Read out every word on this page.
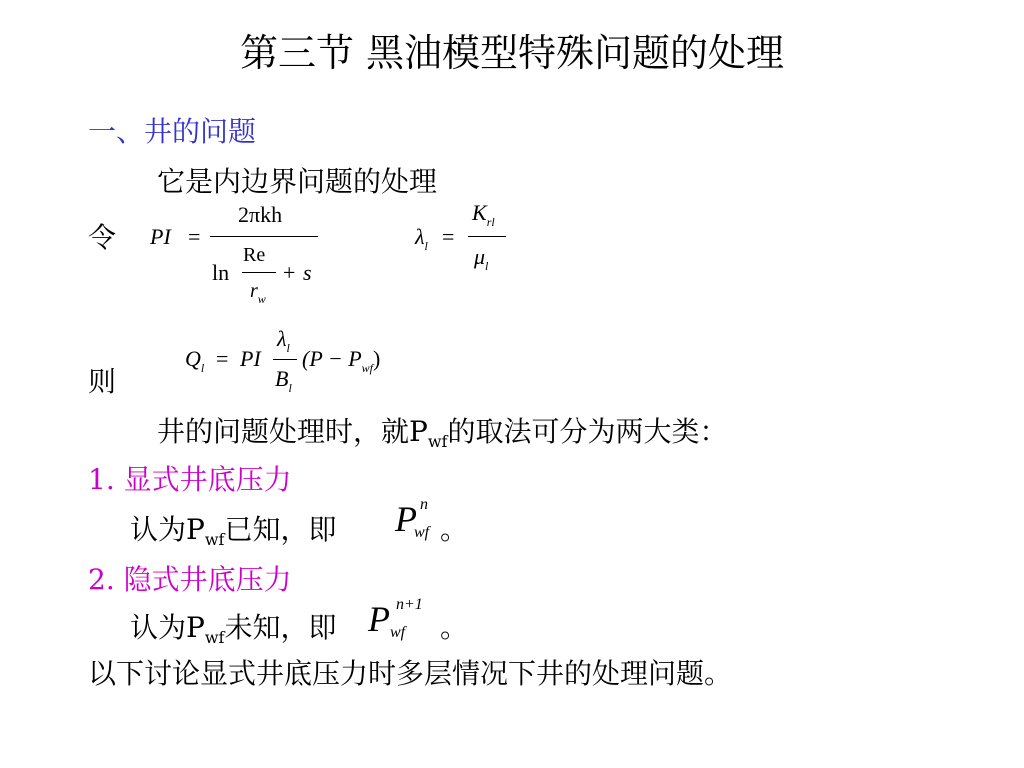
第三节 黑油模型特殊问题的处理
一、井的问题
它是内边界问题的处理
令 PI =
2πkh
ln
Re
$r_w$
+ s
$\lambda_l$ =
$K_{rl}$
$\mu_l$
则
$Q_l$ = PI
$\lambda_l$
$B_l$
$(P - P_{wf})$
井的问题处理时，就$P_{wf}$的取法可分为两大类：
1. 显式井底压力
认为$P_{wf}$已知，即 P n
wf 。
2. 隐式井底压力
认为$P_{wf}$未知，即 P n+1
wf 。
以下讨论显式井底压力时多层情况下井的处理问题。
